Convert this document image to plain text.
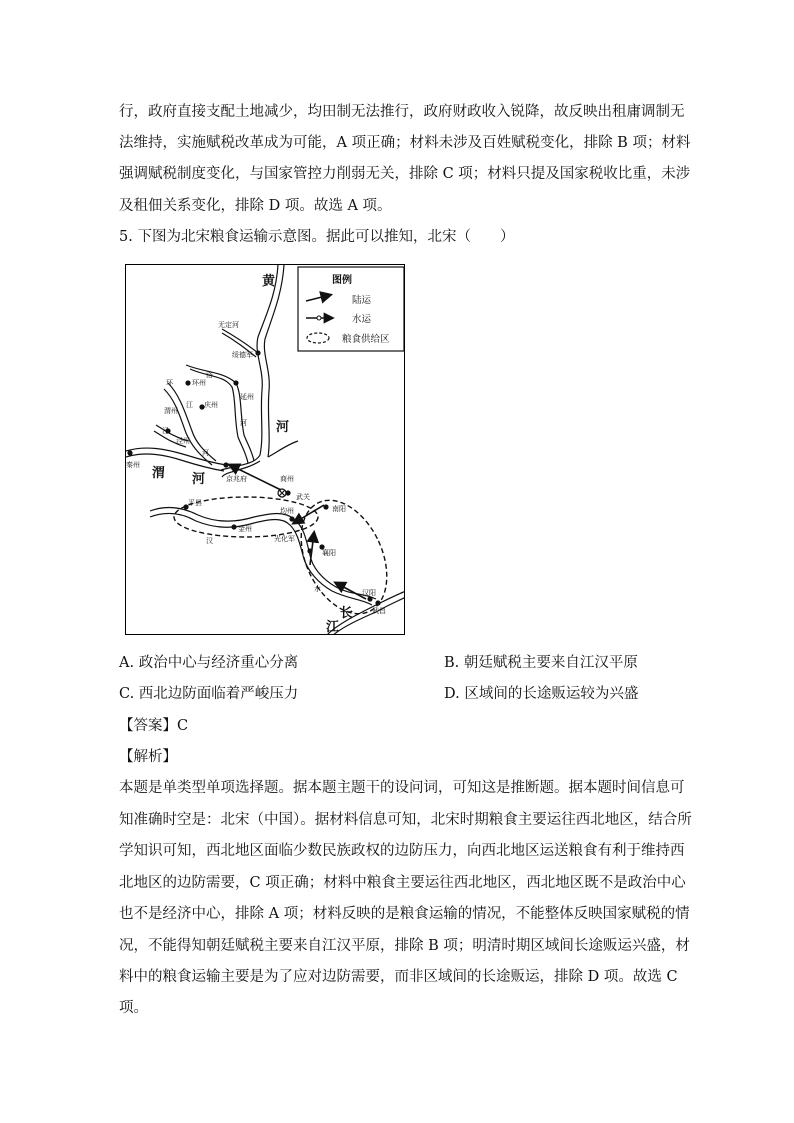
行，政府直接支配土地减少，均田制无法推行，政府财政收入锐降，故反映出租庸调制无
法维持，实施赋税改革成为可能，A 项正确；材料未涉及百姓赋税变化，排除 B 项；材料
强调赋税制度变化，与国家管控力削弱无关，排除 C 项；材料只提及国家税收比重，未涉
及租佃关系变化，排除 D 项。故选 A 项。
5. 下图为北宋粮食运输示意图。据此可以推知，北宋（　　）
图例
陆运
水运
粮食供给区
黄
河
渭 河
长
江
无定河
绥德军
洛
环	环州
延州
渭州
江 庆州
泾
河
泾州
秦州
河
京兆府	商州
武关
平县
均州	南阳
金州
汉	光化军
襄阳
水	汉阳
武昌
A. 政治中心与经济重心分离	B. 朝廷赋税主要来自江汉平原
C. 西北边防面临着严峻压力	D. 区域间的长途贩运较为兴盛
【答案】C
【解析】
本题是单类型单项选择题。据本题主题干的设问词，可知这是推断题。据本题时间信息可
知准确时空是：北宋（中国）。据材料信息可知，北宋时期粮食主要运往西北地区，结合所
学知识可知，西北地区面临少数民族政权的边防压力，向西北地区运送粮食有利于维持西
北地区的边防需要，C 项正确；材料中粮食主要运往西北地区，西北地区既不是政治中心
也不是经济中心，排除 A 项；材料反映的是粮食运输的情况，不能整体反映国家赋税的情
况，不能得知朝廷赋税主要来自江汉平原，排除 B 项；明清时期区域间长途贩运兴盛，材
料中的粮食运输主要是为了应对边防需要，而非区域间的长途贩运，排除 D 项。故选 C
项。
